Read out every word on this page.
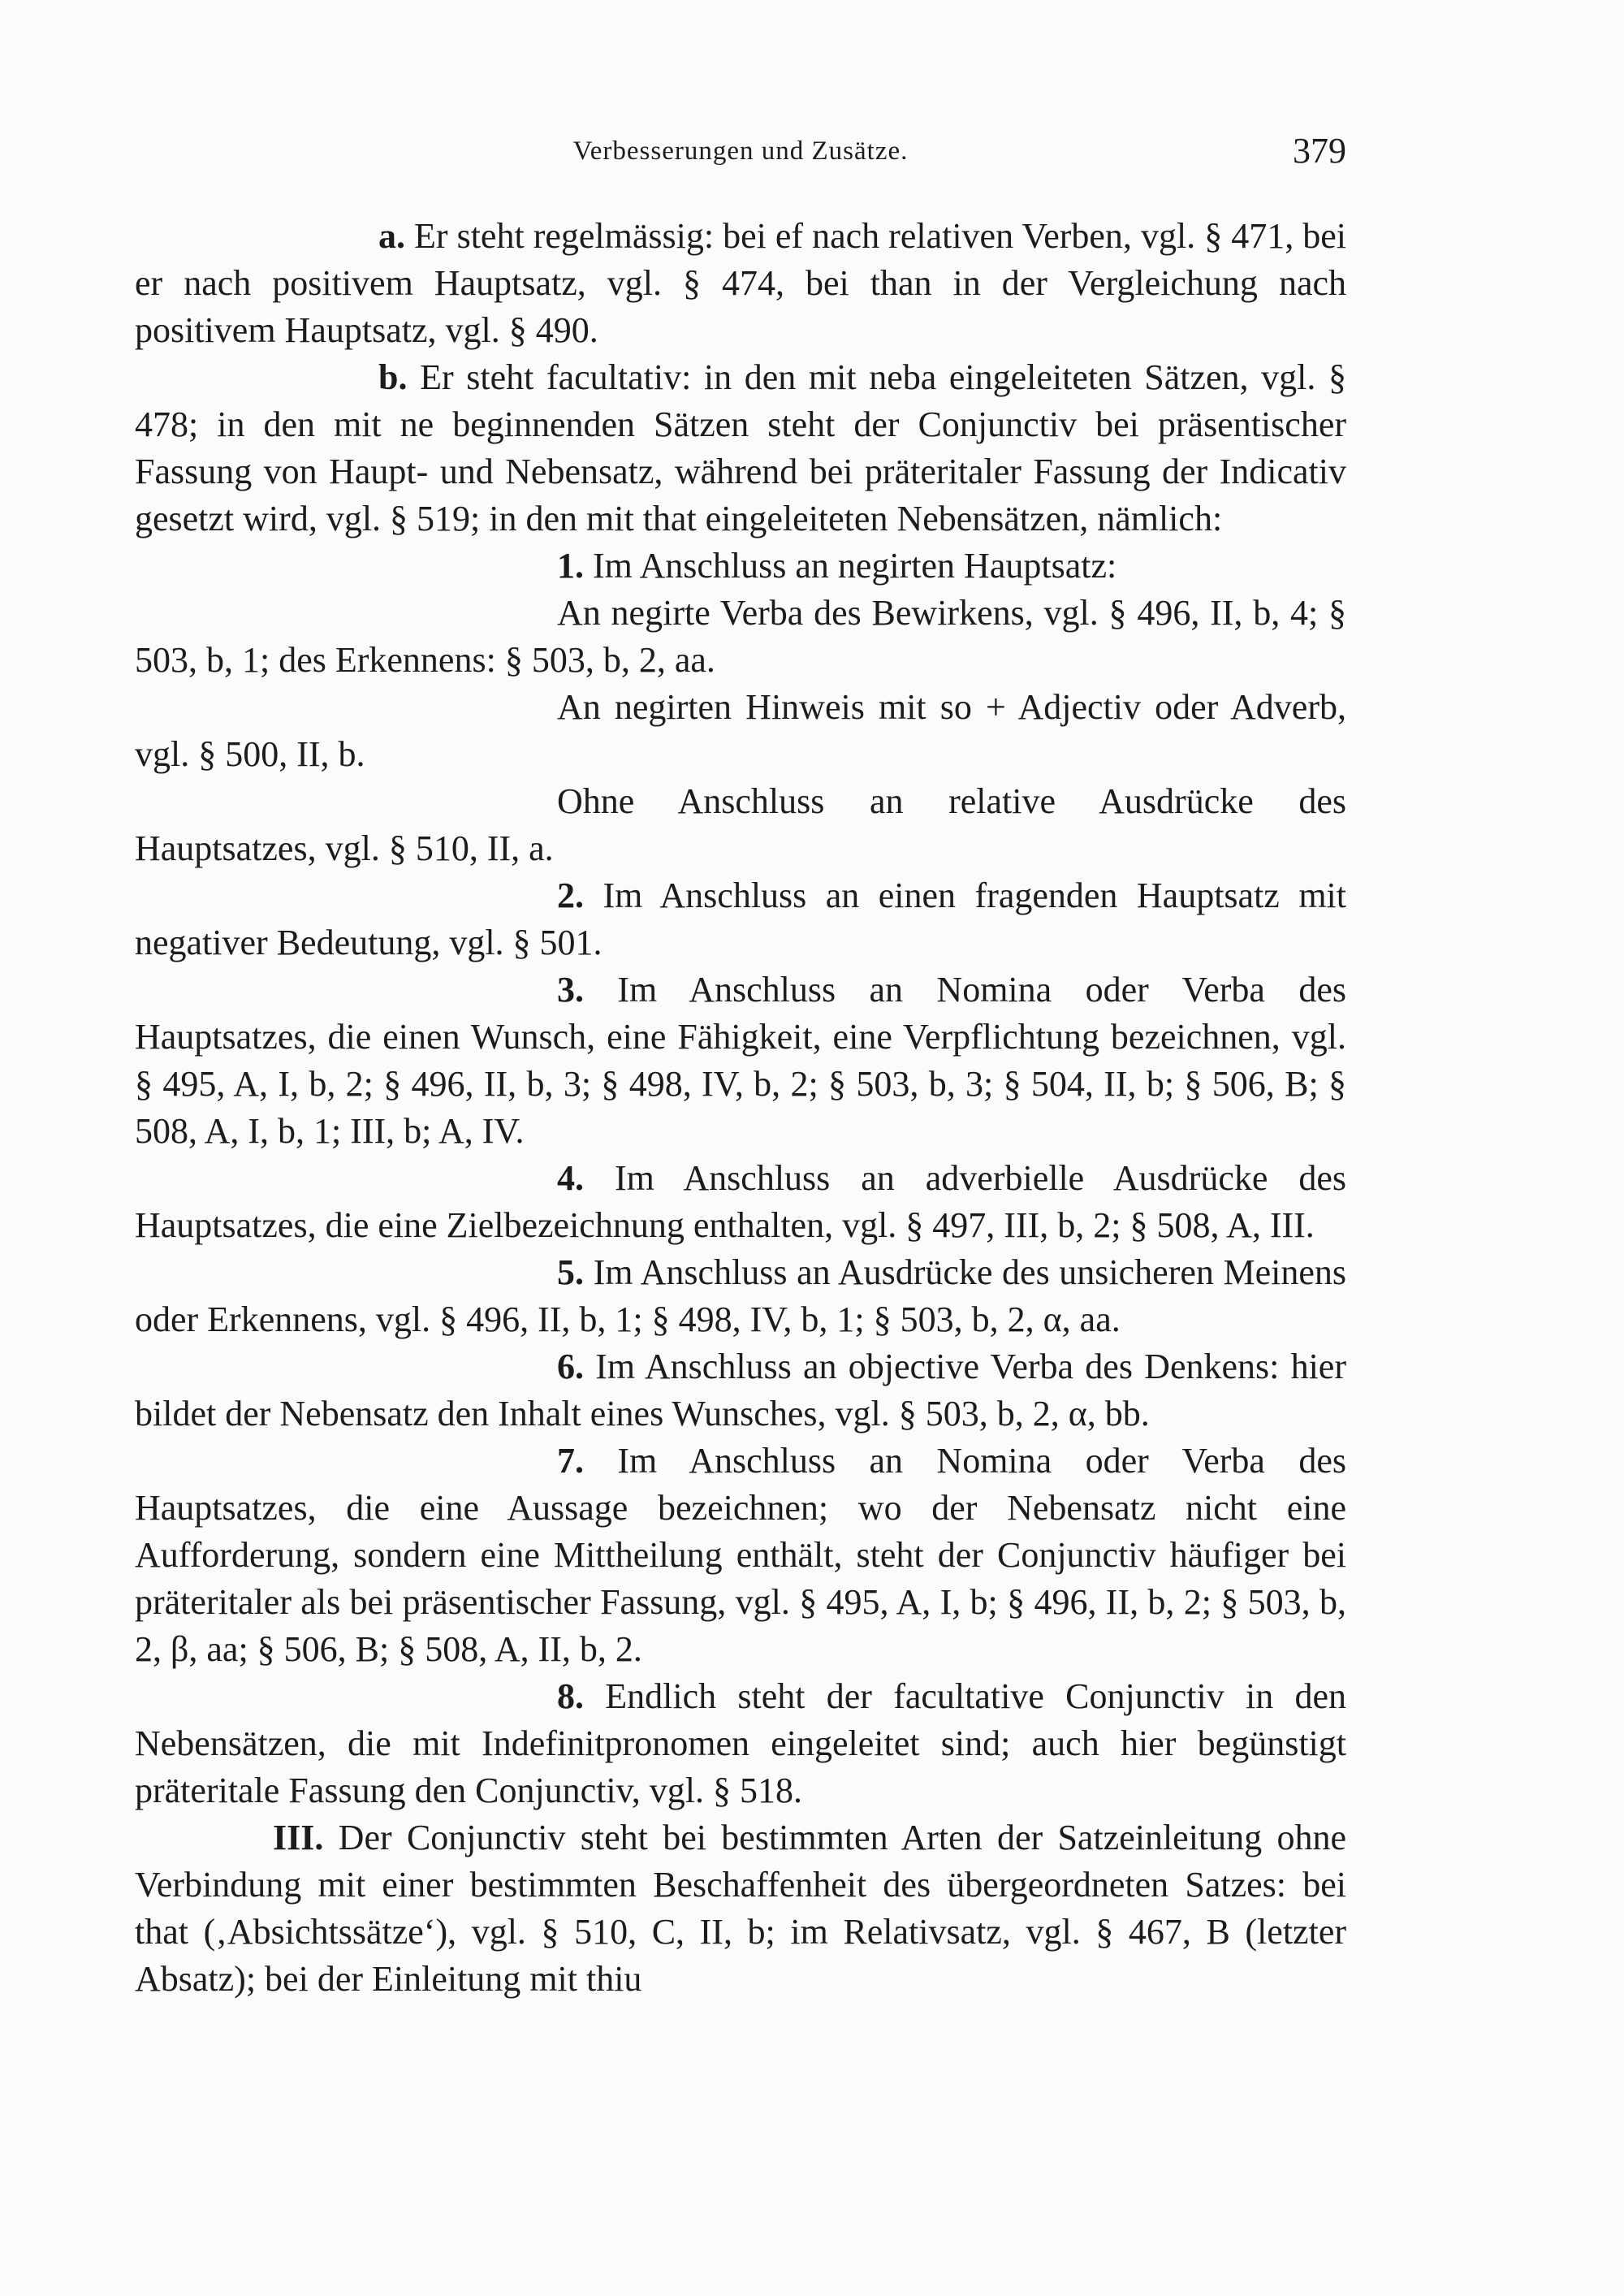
Verbesserungen und Zusätze.	379

a. Er steht regelmässig: bei ef nach relativen Verben, vgl. § 471, bei er nach positivem Hauptsatz, vgl. § 474, bei than in der Vergleichung nach positivem Hauptsatz, vgl. § 490.

b. Er steht facultativ: in den mit neba eingeleiteten Sätzen, vgl. § 478; in den mit ne beginnenden Sätzen steht der Conjunctiv bei präsentischer Fassung von Haupt- und Nebensatz, während bei präteritaler Fassung der Indicativ gesetzt wird, vgl. § 519; in den mit that eingeleiteten Nebensätzen, nämlich:

1. Im Anschluss an negirten Hauptsatz:

An negirte Verba des Bewirkens, vgl. § 496, II, b, 4; § 503, b, 1; des Erkennens: § 503, b, 2, aa.

An negirten Hinweis mit so + Adjectiv oder Adverb, vgl. § 500, II, b.

Ohne Anschluss an relative Ausdrücke des Hauptsatzes, vgl. § 510, II, a.

2. Im Anschluss an einen fragenden Hauptsatz mit negativer Bedeutung, vgl. § 501.

3. Im Anschluss an Nomina oder Verba des Hauptsatzes, die einen Wunsch, eine Fähigkeit, eine Verpflichtung bezeichnen, vgl. § 495, A, I, b, 2; § 496, II, b, 3; § 498, IV, b, 2; § 503, b, 3; § 504, II, b; § 506, B; § 508, A, I, b, 1; III, b; A, IV.

4. Im Anschluss an adverbielle Ausdrücke des Hauptsatzes, die eine Zielbezeichnung enthalten, vgl. § 497, III, b, 2; § 508, A, III.

5. Im Anschluss an Ausdrücke des unsicheren Meinens oder Erkennens, vgl. § 496, II, b, 1; § 498, IV, b, 1; § 503, b, 2, α, aa.

6. Im Anschluss an objective Verba des Denkens: hier bildet der Nebensatz den Inhalt eines Wunsches, vgl. § 503, b, 2, α, bb.

7. Im Anschluss an Nomina oder Verba des Hauptsatzes, die eine Aussage bezeichnen; wo der Nebensatz nicht eine Aufforderung, sondern eine Mittheilung enthält, steht der Conjunctiv häufiger bei präteritaler als bei präsentischer Fassung, vgl. § 495, A, I, b; § 496, II, b, 2; § 503, b, 2, β, aa; § 506, B; § 508, A, II, b, 2.

8. Endlich steht der facultative Conjunctiv in den Nebensätzen, die mit Indefinitpronomen eingeleitet sind; auch hier begünstigt präteritale Fassung den Conjunctiv, vgl. § 518.

III. Der Conjunctiv steht bei bestimmten Arten der Satzeinleitung ohne Verbindung mit einer bestimmten Beschaffenheit des übergeordneten Satzes: bei that (‚Absichtssätze‘), vgl. § 510, C, II, b; im Relativsatz, vgl. § 467, B (letzter Absatz); bei der Einleitung mit thiu
